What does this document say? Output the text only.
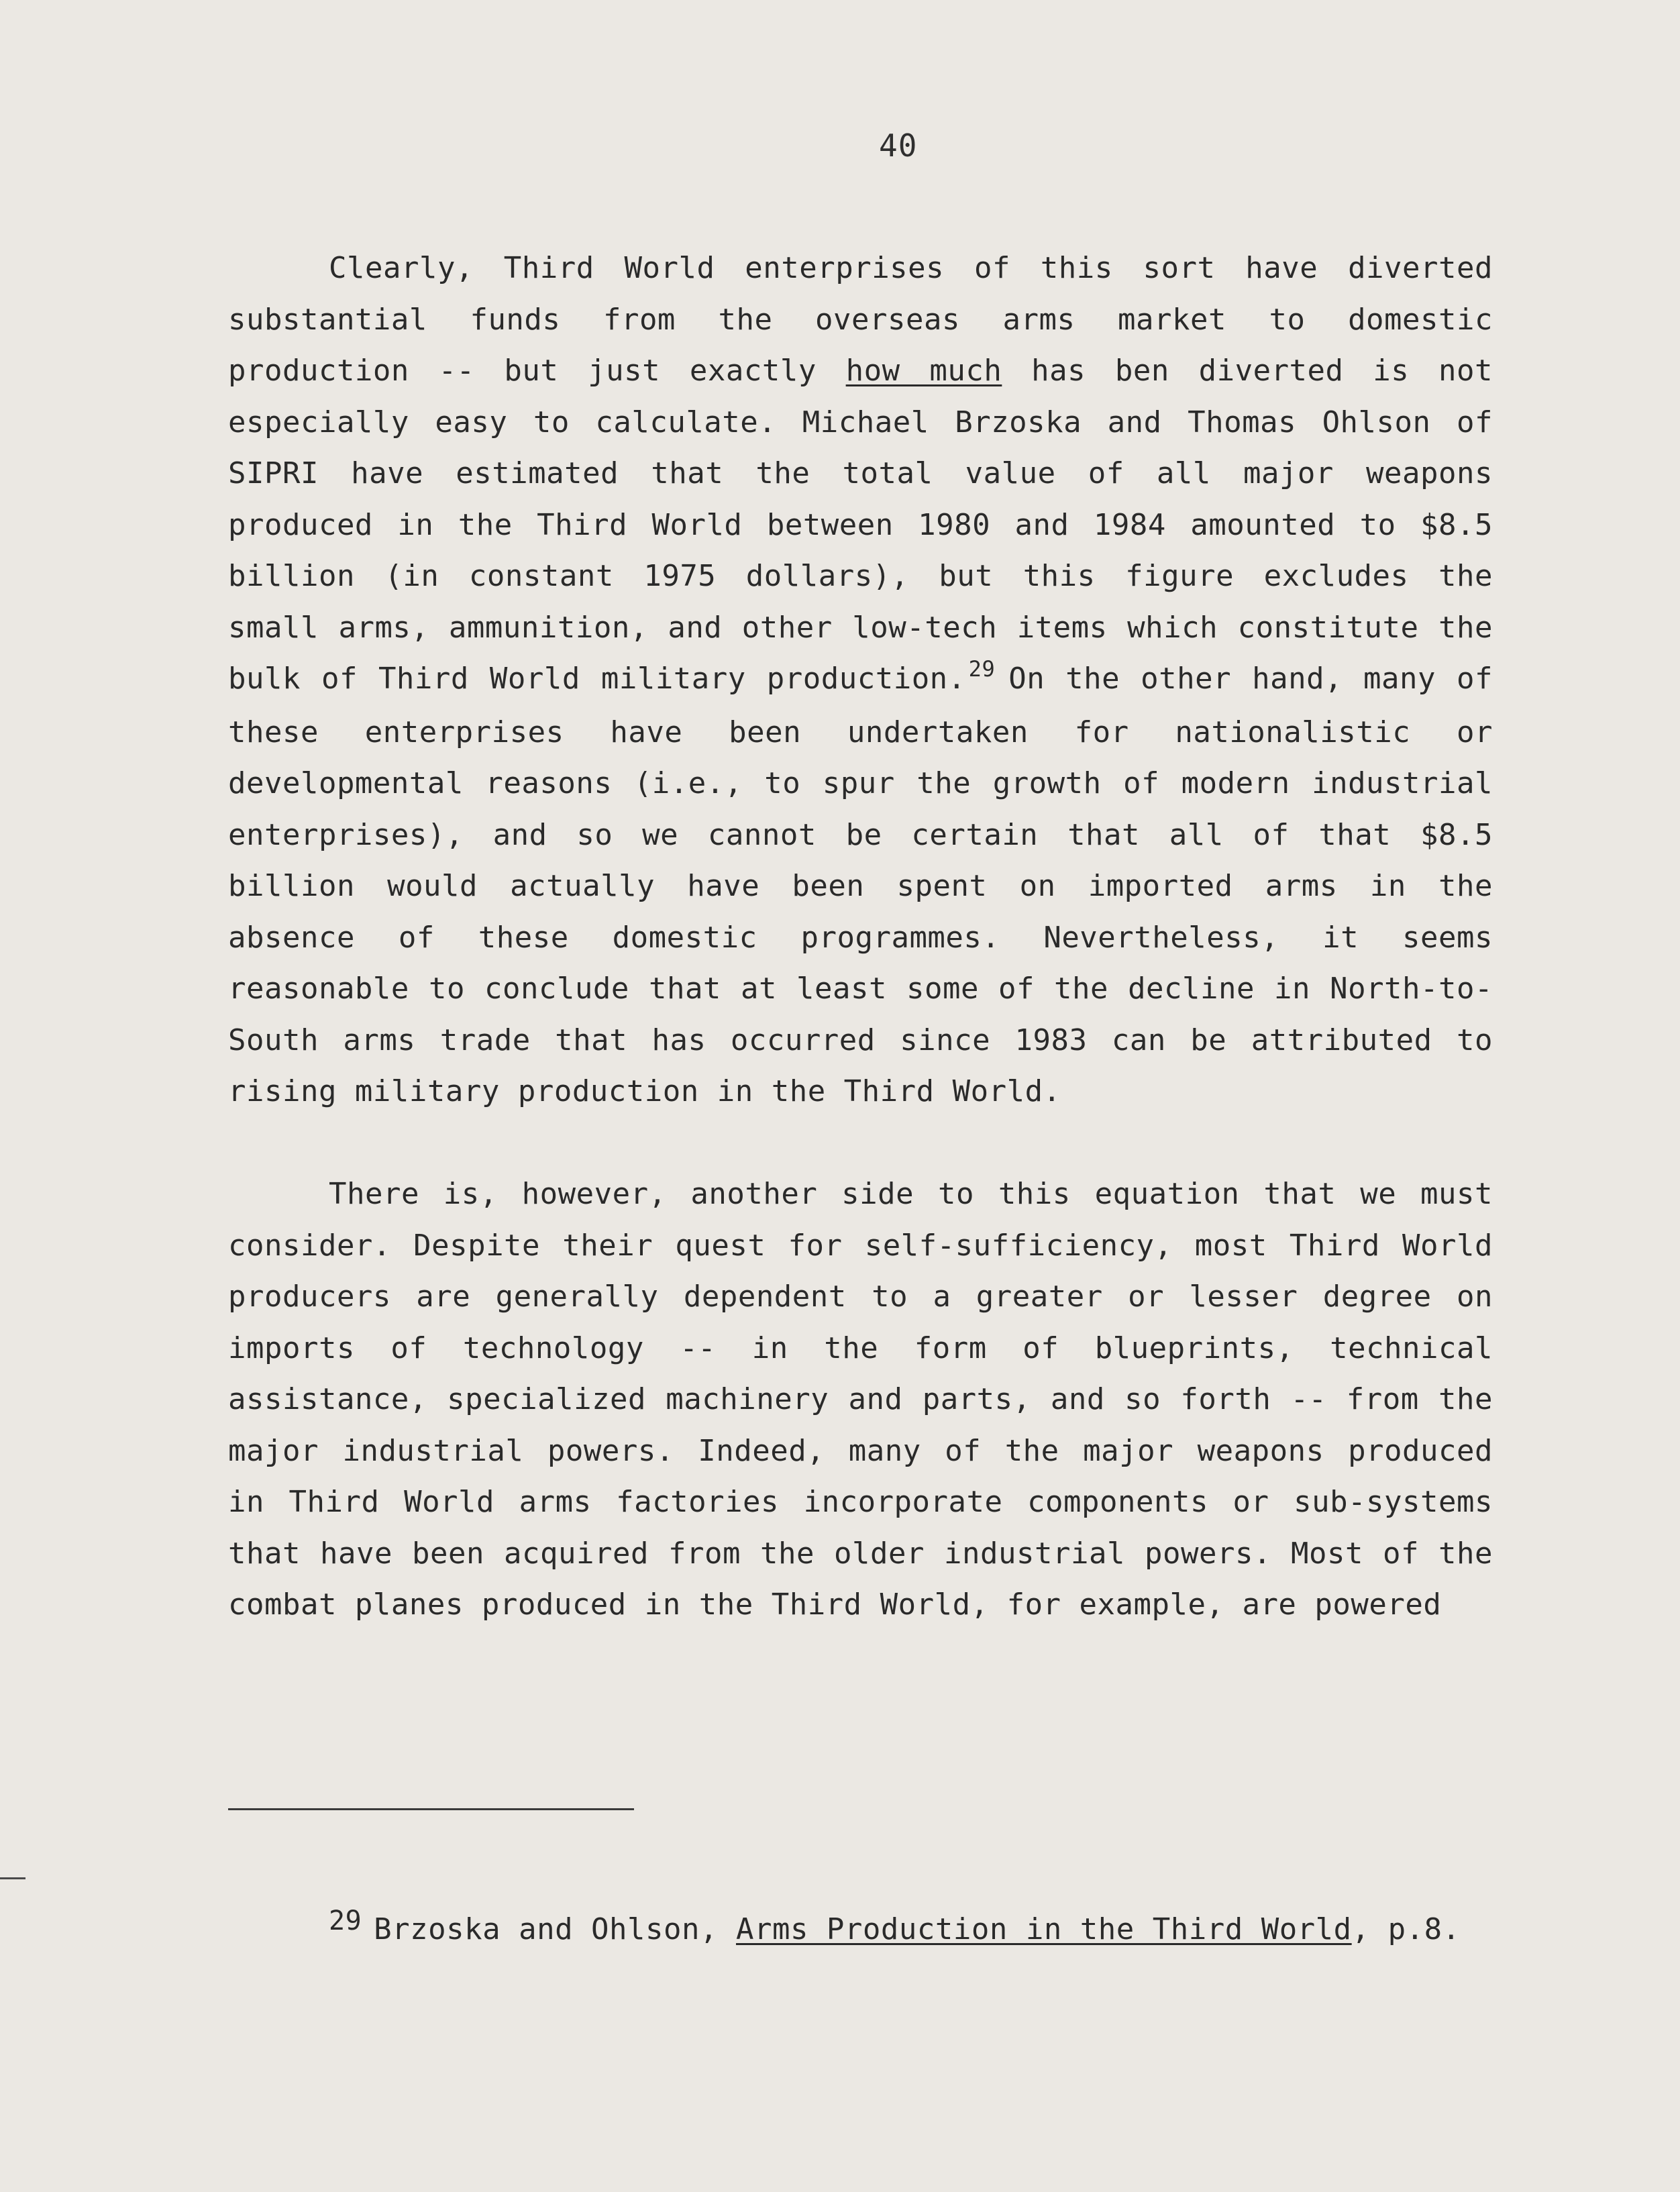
40

Clearly, Third World enterprises of this sort have diverted substantial funds from the overseas arms market to domestic production -- but just exactly how much has ben diverted is not especially easy to calculate. Michael Brzoska and Thomas Ohlson of SIPRI have estimated that the total value of all major weapons produced in the Third World between 1980 and 1984 amounted to $8.5 billion (in constant 1975 dollars), but this figure excludes the small arms, ammunition, and other low-tech items which constitute the bulk of Third World military production. $^{29}$ On the other hand, many of these enterprises have been undertaken for nationalistic or developmental reasons (i.e., to spur the growth of modern industrial enterprises), and so we cannot be certain that all of that $8.5 billion would actually have been spent on imported arms in the absence of these domestic programmes. Nevertheless, it seems reasonable to conclude that at least some of the decline in North-to-South arms trade that has occurred since 1983 can be attributed to rising military production in the Third World.

There is, however, another side to this equation that we must consider. Despite their quest for self-sufficiency, most Third World producers are generally dependent to a greater or lesser degree on imports of technology -- in the form of blueprints, technical assistance, specialized machinery and parts, and so forth -- from the major industrial powers. Indeed, many of the major weapons produced in Third World arms factories incorporate components or sub-systems that have been acquired from the older industrial powers. Most of the combat planes produced in the Third World, for example, are powered

29 Brzoska and Ohlson, Arms Production in the Third World, p.8.
